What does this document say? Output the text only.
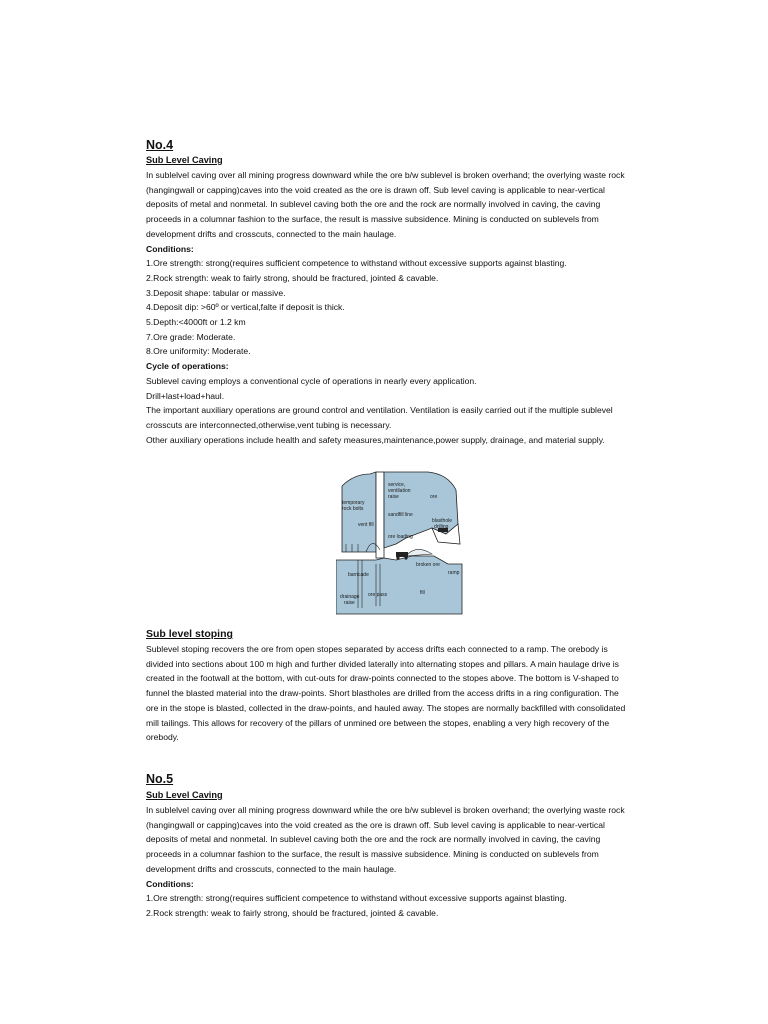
No.4
Sub Level Caving
In sublelvel caving over all mining progress downward while the ore b/w sublevel is broken overhand; the overlying waste rock
(hangingwall or capping)caves into the void created as the ore is drawn off. Sub level caving is applicable to near-vertical
deposits of metal and nonmetal. In sublevel caving both the ore and the rock are normally involved in caving, the caving
proceeds in a columnar fashion to the surface, the result is massive subsidence. Mining is conducted on sublevels from
development drifts and crosscuts, connected to the main haulage.
Conditions:
1.Ore strength: strong(requires sufficient competence to withstand without excessive supports against blasting.
2.Rock strength: weak to fairly strong, should be fractured, jointed & cavable.
3.Deposit shape: tabular or massive.
4.Deposit dip: >60º or vertical,falte if deposit is thick.
5.Depth:<4000ft or 1.2 km
7.Ore grade: Moderate.
8.Ore uniformity: Moderate.
Cycle of operations:
Sublevel caving employs a conventional cycle of operations in nearly every application.
Drill+last+load+haul.
The important auxiliary operations are ground control and ventilation. Ventilation is easily carried out if the multiple sublevel
crosscuts are interconnected,otherwise,vent tubing is necessary.
Other auxiliary operations include health and safety measures,maintenance,power supply, drainage, and material supply.
service,
ventilation
raise	ore
temporary
rock bolts
sandfill line
vent fill
blasthole
drilling
ore loading
barricade
broken ore
ramp
drainage
raise
ore pass	fill
Sub level stoping
Sublevel stoping recovers the ore from open stopes separated by access drifts each connected to a ramp. The orebody is
divided into sections about 100 m high and further divided laterally into alternating stopes and pillars. A main haulage drive is
created in the footwall at the bottom, with cut-outs for draw-points connected to the stopes above. The bottom is V-shaped to
funnel the blasted material into the draw-points. Short blastholes are drilled from the access drifts in a ring configuration. The
ore in the stope is blasted, collected in the draw-points, and hauled away. The stopes are normally backfilled with consolidated
mill tailings. This allows for recovery of the pillars of unmined ore between the stopes, enabling a very high recovery of the
orebody.
No.5
Sub Level Caving
In sublelvel caving over all mining progress downward while the ore b/w sublevel is broken overhand; the overlying waste rock
(hangingwall or capping)caves into the void created as the ore is drawn off. Sub level caving is applicable to near-vertical
deposits of metal and nonmetal. In sublevel caving both the ore and the rock are normally involved in caving, the caving
proceeds in a columnar fashion to the surface, the result is massive subsidence. Mining is conducted on sublevels from
development drifts and crosscuts, connected to the main haulage.
Conditions:
1.Ore strength: strong(requires sufficient competence to withstand without excessive supports against blasting.
2.Rock strength: weak to fairly strong, should be fractured, jointed & cavable.
